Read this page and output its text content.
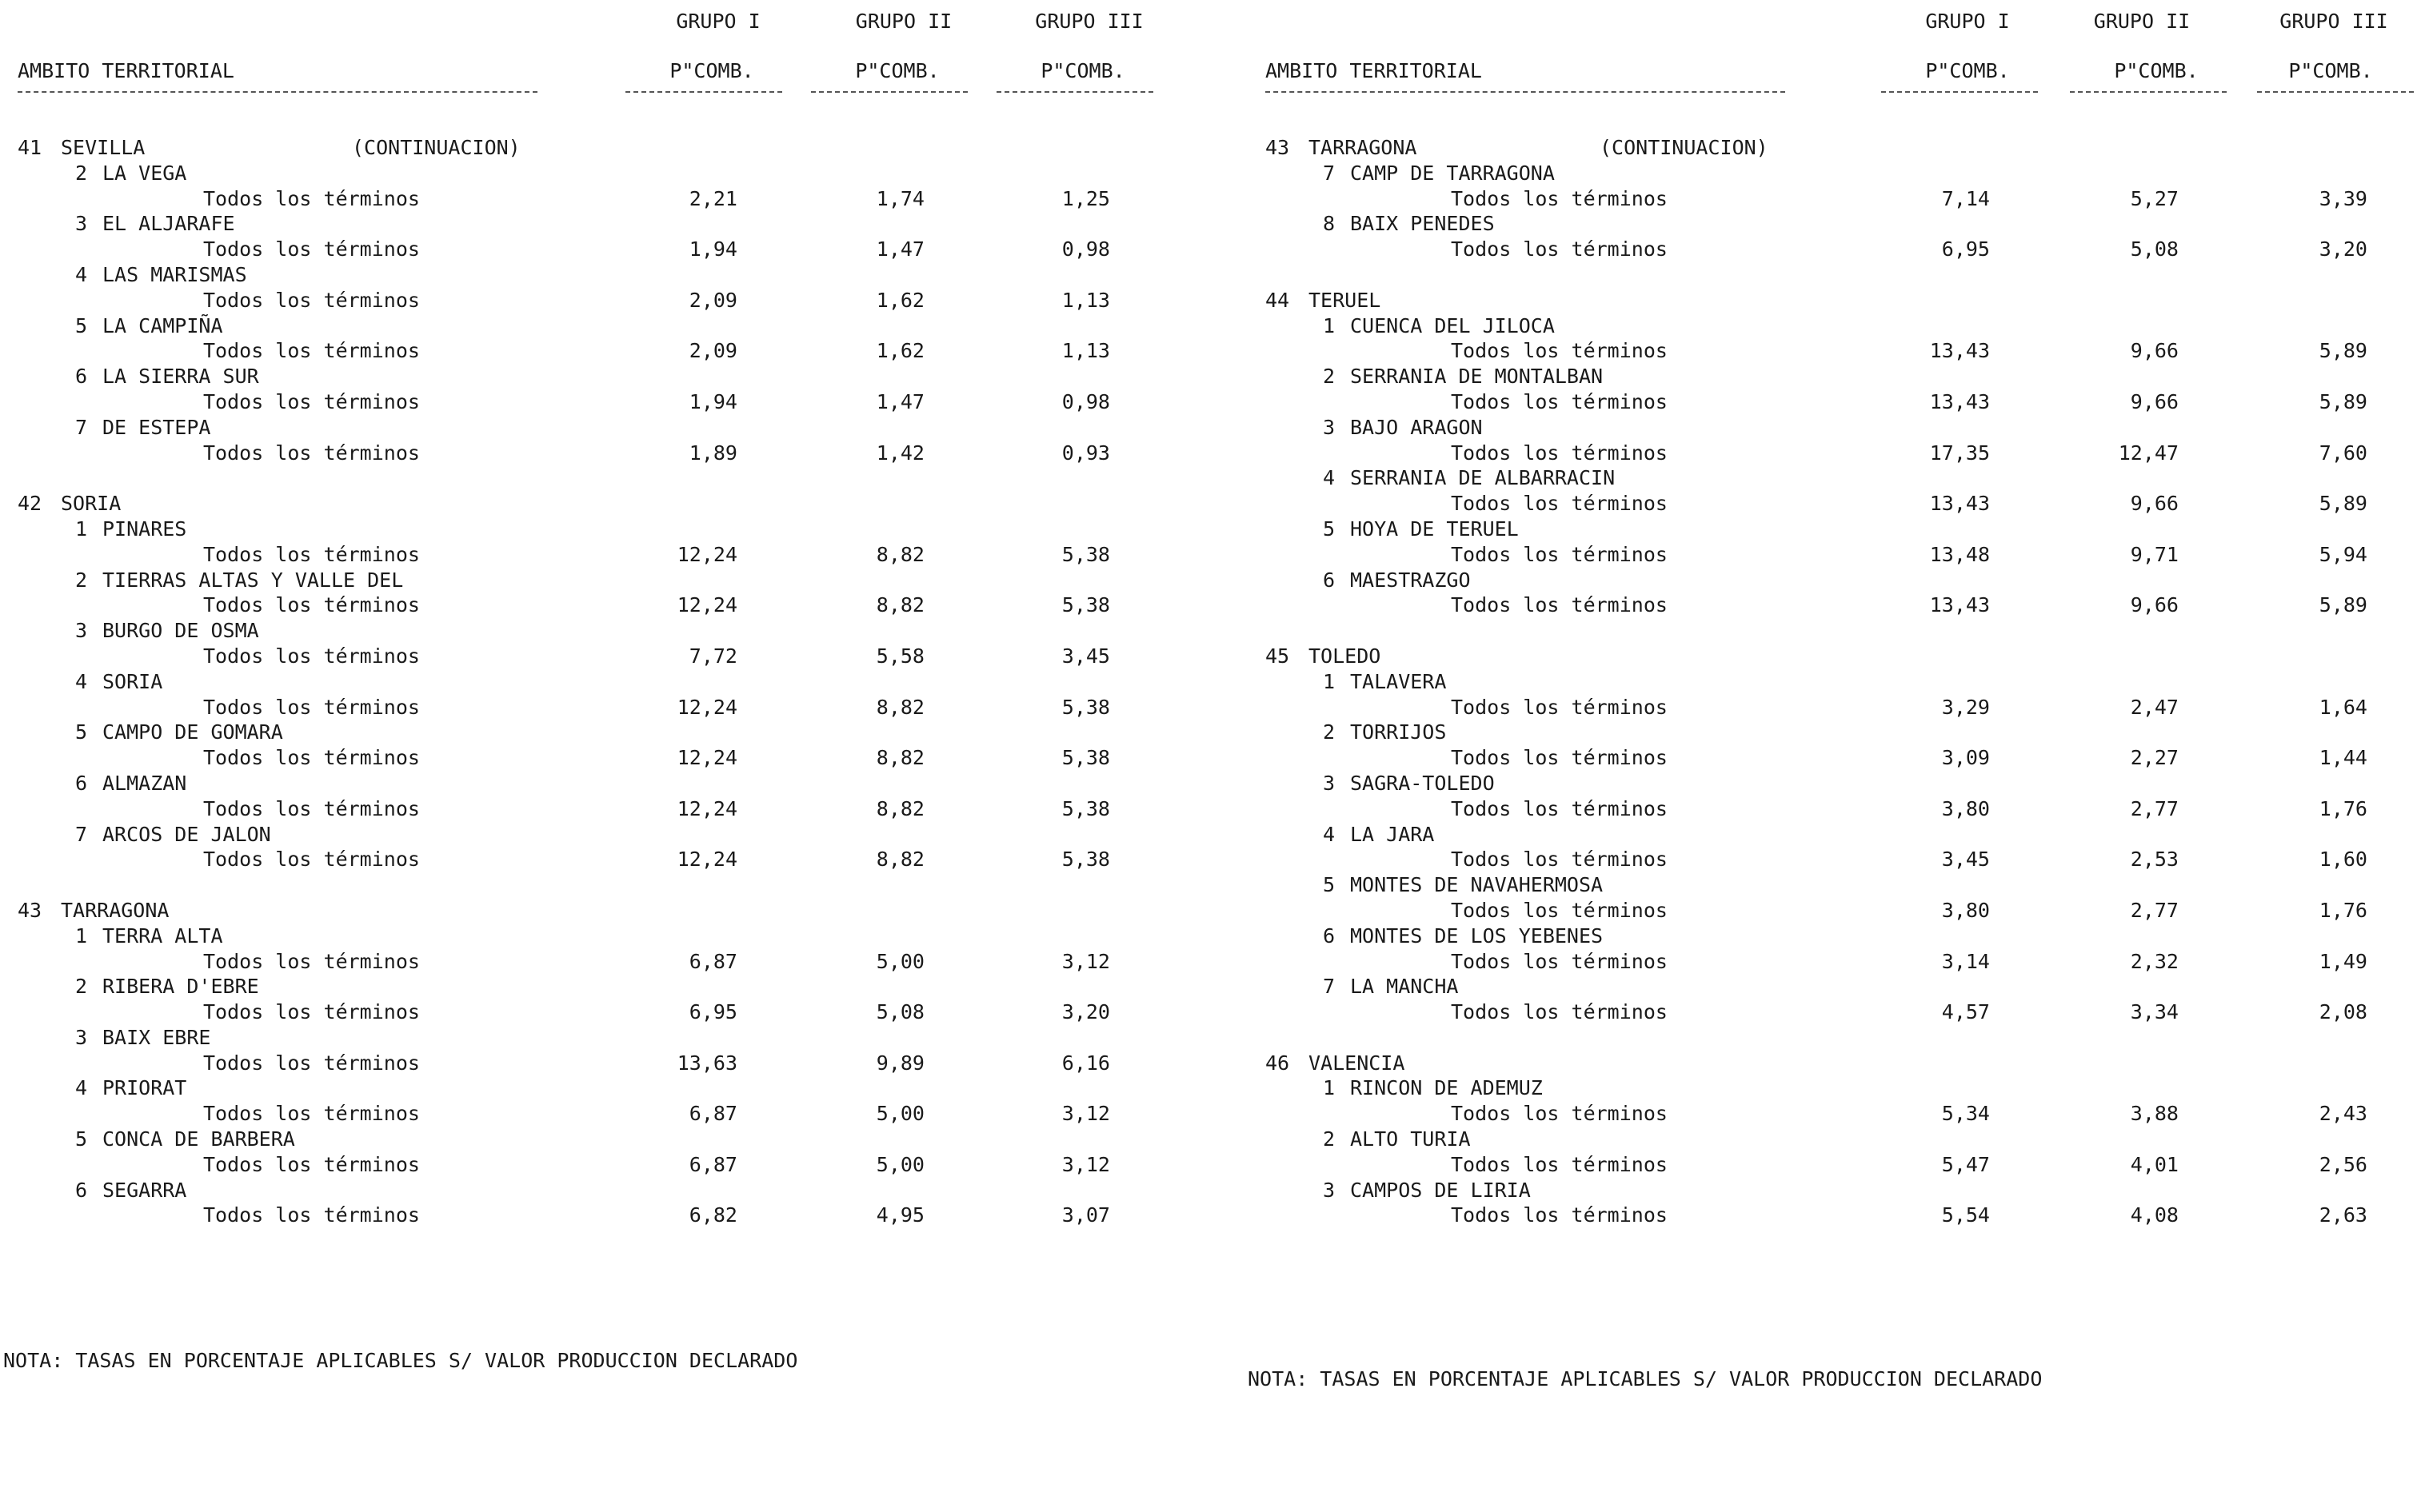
GRUPO I	GRUPO II	GRUPO III
AMBITO TERRITORIAL	P"COMB.	P"COMB.	P"COMB.
41 SEVILLA	(CONTINUACION)
2 LA VEGA
Todos los términos	2,21	1,74	1,25
3 EL ALJARAFE
Todos los términos	1,94	1,47	0,98
4 LAS MARISMAS
Todos los términos	2,09	1,62	1,13
5 LA CAMPIÑA
Todos los términos	2,09	1,62	1,13
6 LA SIERRA SUR
Todos los términos	1,94	1,47	0,98
7 DE ESTEPA
Todos los términos	1,89	1,42	0,93
42 SORIA
1 PINARES
Todos los términos	12,24	8,82	5,38
2 TIERRAS ALTAS Y VALLE DEL
Todos los términos	12,24	8,82	5,38
3 BURGO DE OSMA
Todos los términos	7,72	5,58	3,45
4 SORIA
Todos los términos	12,24	8,82	5,38
5 CAMPO DE GOMARA
Todos los términos	12,24	8,82	5,38
6 ALMAZAN
Todos los términos	12,24	8,82	5,38
7 ARCOS DE JALON
Todos los términos	12,24	8,82	5,38
43 TARRAGONA
1 TERRA ALTA
Todos los términos	6,87	5,00	3,12
2 RIBERA D'EBRE
Todos los términos	6,95	5,08	3,20
3 BAIX EBRE
Todos los términos	13,63	9,89	6,16
4 PRIORAT
Todos los términos	6,87	5,00	3,12
5 CONCA DE BARBERA
Todos los términos	6,87	5,00	3,12
6 SEGARRA
Todos los términos	6,82	4,95	3,07
NOTA: TASAS EN PORCENTAJE APLICABLES S/ VALOR PRODUCCION DECLARADO
GRUPO I	GRUPO II	GRUPO III
AMBITO TERRITORIAL	P"COMB.	P"COMB.	P"COMB.
43 TARRAGONA	(CONTINUACION)
7 CAMP DE TARRAGONA
Todos los términos	7,14	5,27	3,39
8 BAIX PENEDES
Todos los términos	6,95	5,08	3,20
44 TERUEL
1 CUENCA DEL JILOCA
Todos los términos	13,43	9,66	5,89
2 SERRANIA DE MONTALBAN
Todos los términos	13,43	9,66	5,89
3 BAJO ARAGON
Todos los términos	17,35	12,47	7,60
4 SERRANIA DE ALBARRACIN
Todos los términos	13,43	9,66	5,89
5 HOYA DE TERUEL
Todos los términos	13,48	9,71	5,94
6 MAESTRAZGO
Todos los términos	13,43	9,66	5,89
45 TOLEDO
1 TALAVERA
Todos los términos	3,29	2,47	1,64
2 TORRIJOS
Todos los términos	3,09	2,27	1,44
3 SAGRA-TOLEDO
Todos los términos	3,80	2,77	1,76
4 LA JARA
Todos los términos	3,45	2,53	1,60
5 MONTES DE NAVAHERMOSA
Todos los términos	3,80	2,77	1,76
6 MONTES DE LOS YEBENES
Todos los términos	3,14	2,32	1,49
7 LA MANCHA
Todos los términos	4,57	3,34	2,08
46 VALENCIA
1 RINCON DE ADEMUZ
Todos los términos	5,34	3,88	2,43
2 ALTO TURIA
Todos los términos	5,47	4,01	2,56
3 CAMPOS DE LIRIA
Todos los términos	5,54	4,08	2,63
NOTA: TASAS EN PORCENTAJE APLICABLES S/ VALOR PRODUCCION DECLARADO
